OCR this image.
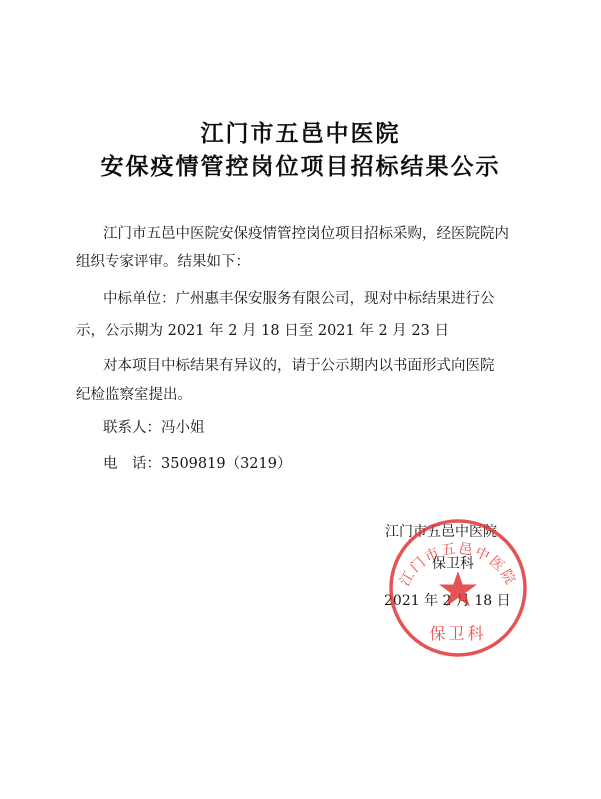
江门市五邑中医院
安保疫情管控岗位项目招标结果公示
江门市五邑中医院安保疫情管控岗位项目招标采购，经医院院内
组织专家评审。结果如下：
中标单位：广州惠丰保安服务有限公司，现对中标结果进行公
示，公示期为 2021 年 2 月 18 日至 2021 年 2 月 23 日
对本项目中标结果有异议的，请于公示期内以书面形式向医院
纪检监察室提出。
联系人：冯小姐
电　话：3509819（3219）
江门市五邑中医院
保卫科
2021 年 2 月 18 日
江门市五邑中医院
保卫科
